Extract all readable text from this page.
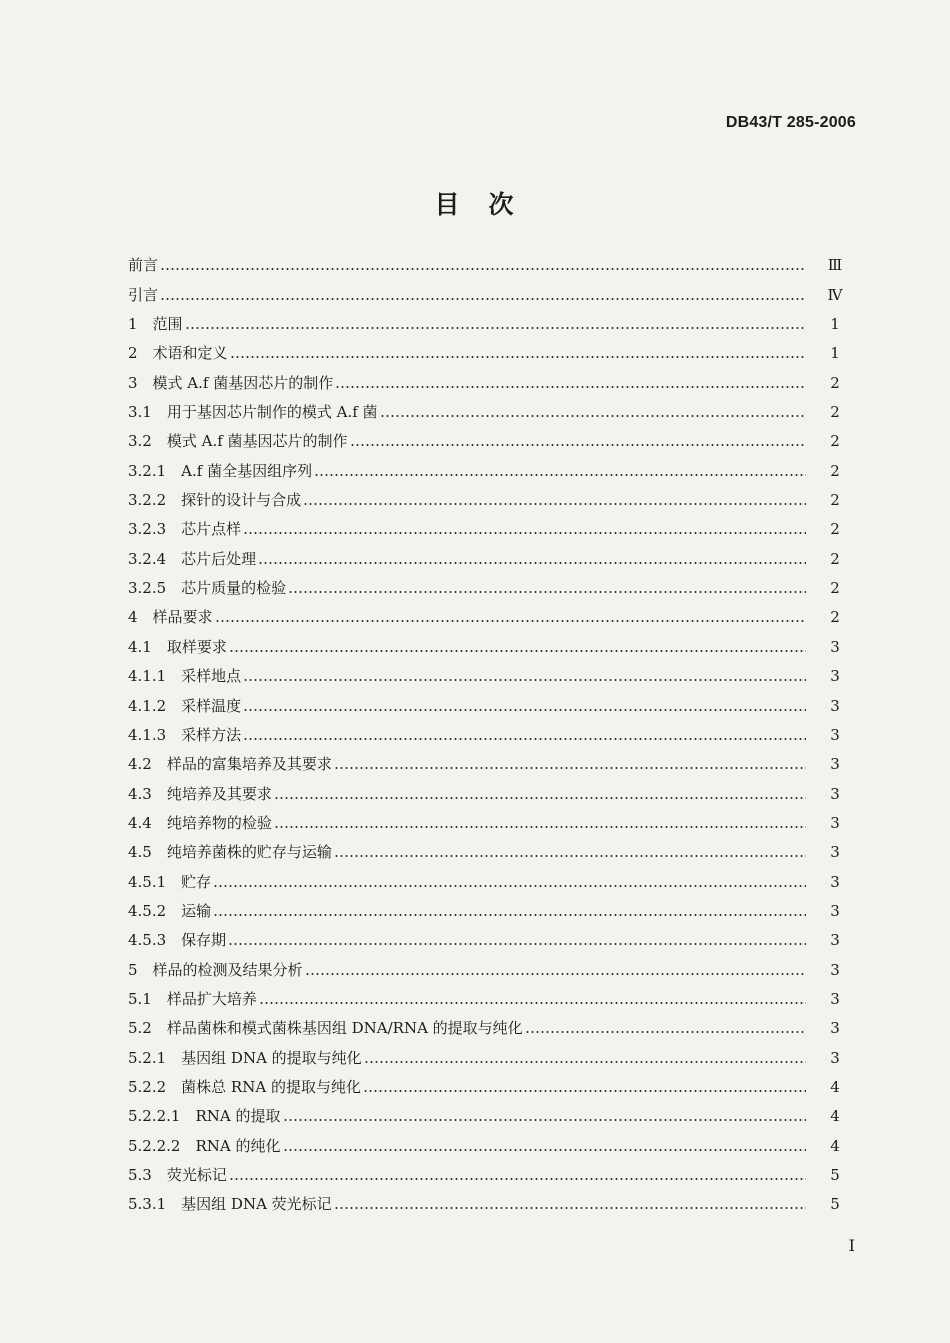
DB43/T 285-2006
目　次
前言	Ⅲ
引言	Ⅳ
1　范围	1
2　术语和定义	1
3　模式 A.f 菌基因芯片的制作	2
3.1　用于基因芯片制作的模式 A.f 菌	2
3.2　模式 A.f 菌基因芯片的制作	2
3.2.1　A.f 菌全基因组序列	2
3.2.2　探针的设计与合成	2
3.2.3　芯片点样	2
3.2.4　芯片后处理	2
3.2.5　芯片质量的检验	2
4　样品要求	2
4.1　取样要求	3
4.1.1　采样地点	3
4.1.2　采样温度	3
4.1.3　采样方法	3
4.2　样品的富集培养及其要求	3
4.3　纯培养及其要求	3
4.4　纯培养物的检验	3
4.5　纯培养菌株的贮存与运输	3
4.5.1　贮存	3
4.5.2　运输	3
4.5.3　保存期	3
5　样品的检测及结果分析	3
5.1　样品扩大培养	3
5.2　样品菌株和模式菌株基因组 DNA/RNA 的提取与纯化	3
5.2.1　基因组 DNA 的提取与纯化	3
5.2.2　菌株总 RNA 的提取与纯化	4
5.2.2.1　RNA 的提取	4
5.2.2.2　RNA 的纯化	4
5.3　荧光标记	5
5.3.1　基因组 DNA 荧光标记	5
I
